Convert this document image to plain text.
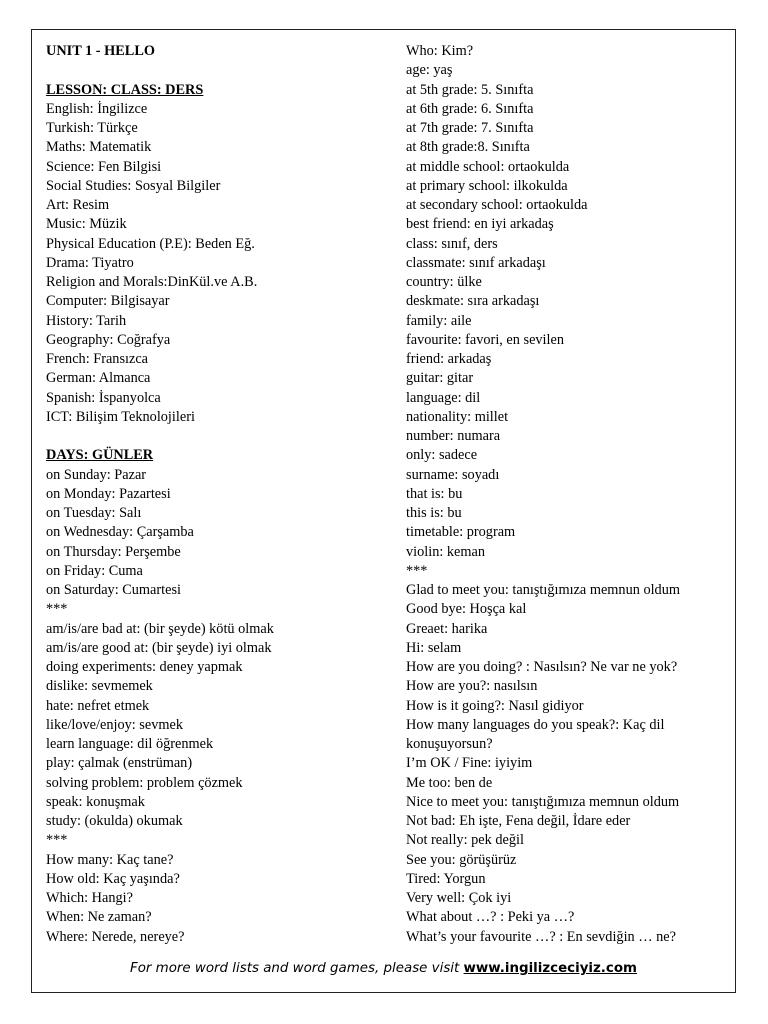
UNIT 1 - HELLO
LESSON: CLASS: DERS
English: İngilizce
Turkish: Türkçe
Maths: Matematik
Science: Fen Bilgisi
Social Studies: Sosyal Bilgiler
Art: Resim
Music: Müzik
Physical Education (P.E): Beden Eğ.
Drama: Tiyatro
Religion and Morals:DinKül.ve A.B.
Computer: Bilgisayar
History: Tarih
Geography: Coğrafya
French: Fransızca
German: Almanca
Spanish: İspanyolca
ICT: Bilişim Teknolojileri
DAYS: GÜNLER
on Sunday: Pazar
on Monday: Pazartesi
on Tuesday: Salı
on Wednesday: Çarşamba
on Thursday: Perşembe
on Friday: Cuma
on Saturday: Cumartesi
***
am/is/are bad at: (bir şeyde) kötü olmak
am/is/are good at: (bir şeyde) iyi olmak
doing experiments: deney yapmak
dislike: sevmemek
hate: nefret etmek
like/love/enjoy: sevmek
learn language: dil öğrenmek
play: çalmak (enstrüman)
solving problem: problem çözmek
speak: konuşmak
study: (okulda) okumak
***
How many: Kaç tane?
How old: Kaç yaşında?
Which: Hangi?
When: Ne zaman?
Where: Nerede, nereye?
Who: Kim?
age: yaş
at 5th grade: 5. Sınıfta
at 6th grade: 6. Sınıfta
at 7th grade: 7. Sınıfta
at 8th grade:8. Sınıfta
at middle school: ortaokulda
at primary school: ilkokulda
at secondary school: ortaokulda
best friend: en iyi arkadaş
class: sınıf, ders
classmate: sınıf arkadaşı
country: ülke
deskmate: sıra arkadaşı
family: aile
favourite: favori, en sevilen
friend: arkadaş
guitar: gitar
language: dil
nationality: millet
number: numara
only: sadece
surname: soyadı
that is: bu
this is: bu
timetable: program
violin: keman
***
Glad to meet you: tanıştığımıza memnun oldum
Good bye: Hoşça kal
Greaet: harika
Hi: selam
How are you doing? : Nasılsın? Ne var ne yok?
How are you?: nasılsın
How is it going?: Nasıl gidiyor
How many languages do you speak?: Kaç dil konuşuyorsun?
I’m OK / Fine: iyiyim
Me too: ben de
Nice to meet you: tanıştığımıza memnun oldum
Not bad: Eh işte, Fena değil, İdare eder
Not really: pek değil
See you: görüşürüz
Tired: Yorgun
Very well: Çok iyi
What about …? : Peki ya …?
What’s your favourite …? : En sevdiğin … ne?
For more word lists and word games, please visit www.ingilizceciyiz.com
